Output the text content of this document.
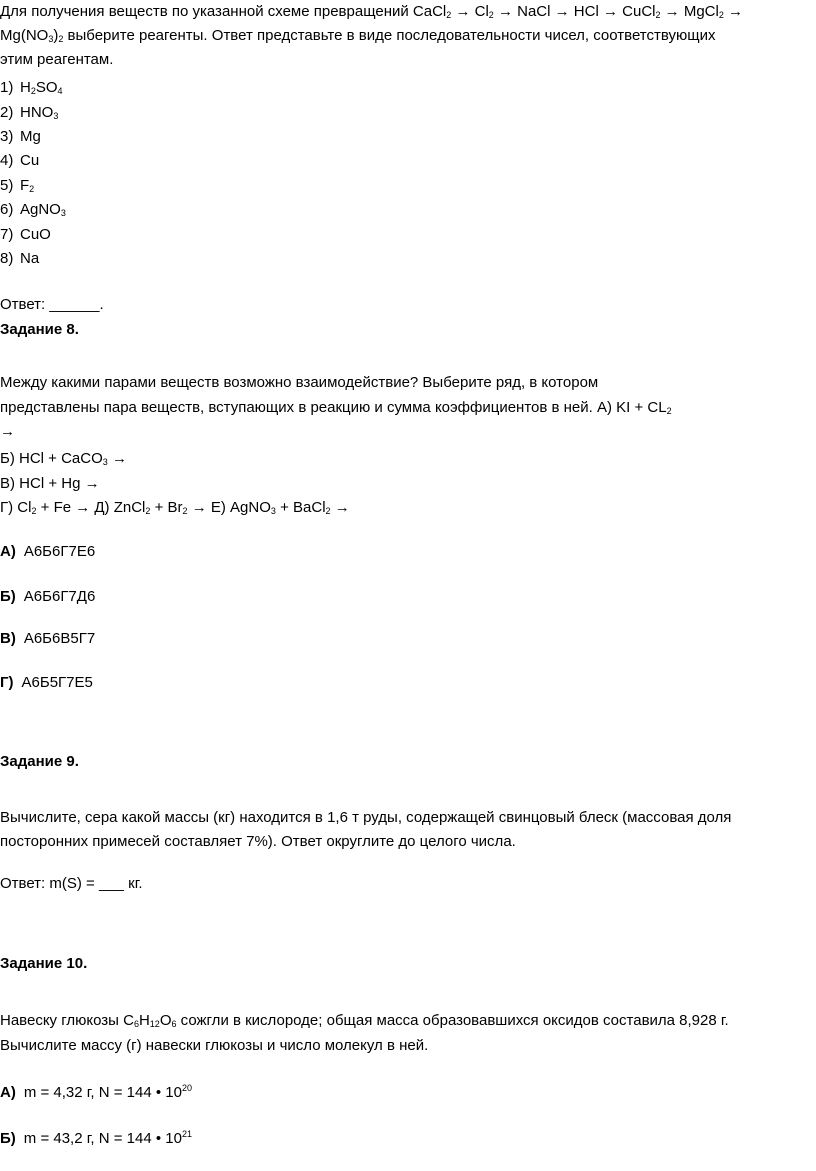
Для получения веществ по указанной схеме превращений CaCl$_2$ → $Cl_2$ → NaCl → HCl → CuCl$_2$ → MgCl$_2$ →
$Mg(NO_3)_2$ выберите реагенты. Ответ представьте в виде последовательности чисел, соответствующих
этим реагентам.
1) $H_2SO_4$
2) $HNO_3$
3) Mg
4) Cu
5) $F_2$
6) AgNO$_3$
7) CuO
8) Na
Ответ: ______.
Задание 8.
Между какими парами веществ возможно взаимодействие? Выберите ряд, в котором
представлены пара веществ, вступающих в реакцию и сумма коэффициентов в ней. А) KI + $CL_2$
→
Б) HCl + CaCO$_3$ →
В) HCl + Hg →
Г) $Cl_2 + Fe \to Д$) ZnCl$_2$ + $Br_2 \to Е$) AgNO$_3$ + BaCl$_2$ →
А) А6Б6Г7Е6
Б) А6Б6Г7Д6
В) А6Б6В5Г7
Г) А6Б5Г7Е5
Задание 9.
Вычислите, сера какой массы (кг) находится в 1,6 т руды, содержащей свинцовый блеск (массовая доля
посторонних примесей составляет 7%). Ответ округлите до целого числа.
Ответ: m(S) = ___ кг.
Задание 10.
Навеску глюкозы $C_6H_{12}O_6$ сожгли в кислороде; общая масса образовавшихся оксидов составила 8,928 г.
Вычислите массу (г) навески глюкозы и число молекул в ней.
А) m = 4,32 г, N = 144 • $10^{20}$
Б) m = 43,2 г, N = 144 • $10^{21}$
